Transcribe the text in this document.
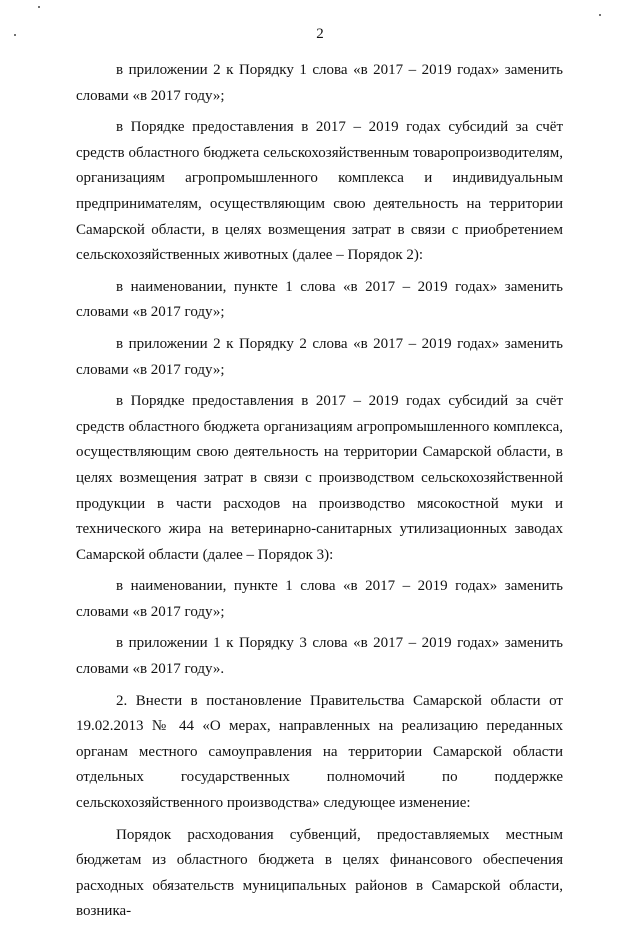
2

в приложении 2 к Порядку 1 слова «в 2017 – 2019 годах» заменить словами «в 2017 году»;

в Порядке предоставления в 2017 – 2019 годах субсидий за счёт средств областного бюджета сельскохозяйственным товаропроизводителям, организациям агропромышленного комплекса и индивидуальным предпринимателям, осуществляющим свою деятельность на территории Самарской области, в целях возмещения затрат в связи с приобретением сельскохозяйственных животных (далее – Порядок 2):

в наименовании, пункте 1 слова «в 2017 – 2019 годах» заменить словами «в 2017 году»;

в приложении 2 к Порядку 2 слова «в 2017 – 2019 годах» заменить словами «в 2017 году»;

в Порядке предоставления в 2017 – 2019 годах субсидий за счёт средств областного бюджета организациям агропромышленного комплекса, осуществляющим свою деятельность на территории Самарской области, в целях возмещения затрат в связи с производством сельскохозяйственной продукции в части расходов на производство мясокостной муки и технического жира на ветеринарно-санитарных утилизационных заводах Самарской области (далее – Порядок 3):

в наименовании, пункте 1 слова «в 2017 – 2019 годах» заменить словами «в 2017 году»;

в приложении 1 к Порядку 3 слова «в 2017 – 2019 годах» заменить словами «в 2017 году».

2. Внести в постановление Правительства Самарской области от 19.02.2013 № 44 «О мерах, направленных на реализацию переданных органам местного самоуправления на территории Самарской области отдельных государственных полномочий по поддержке сельскохозяйственного производства» следующее изменение:

Порядок расходования субвенций, предоставляемых местным бюджетам из областного бюджета в целях финансового обеспечения расходных обязательств муниципальных районов в Самарской области, возника-
